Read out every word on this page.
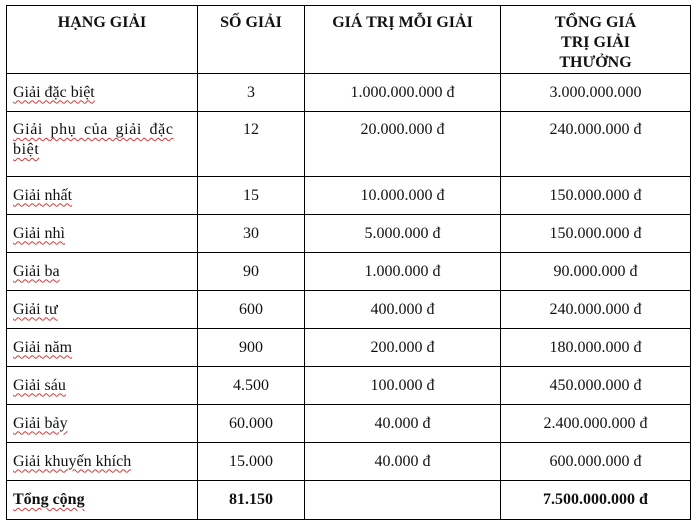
HẠNG GIẢI	SỐ GIẢI	GIÁ TRỊ MỖI GIẢI	TỔNG GIÁ TRỊ GIẢI THƯỞNG
Giải đặc biệt	3	1.000.000.000 đ	3.000.000.000
Giải phụ của giải đặc biệt	12	20.000.000 đ	240.000.000 đ
Giải nhất	15	10.000.000 đ	150.000.000 đ
Giải nhì	30	5.000.000 đ	150.000.000 đ
Giải ba	90	1.000.000 đ	90.000.000 đ
Giải tư	600	400.000 đ	240.000.000 đ
Giải năm	900	200.000 đ	180.000.000 đ
Giải sáu	4.500	100.000 đ	450.000.000 đ
Giải bảy	60.000	40.000 đ	2.400.000.000 đ
Giải khuyến khích	15.000	40.000 đ	600.000.000 đ
Tổng cộng	81.150		7.500.000.000 đ
